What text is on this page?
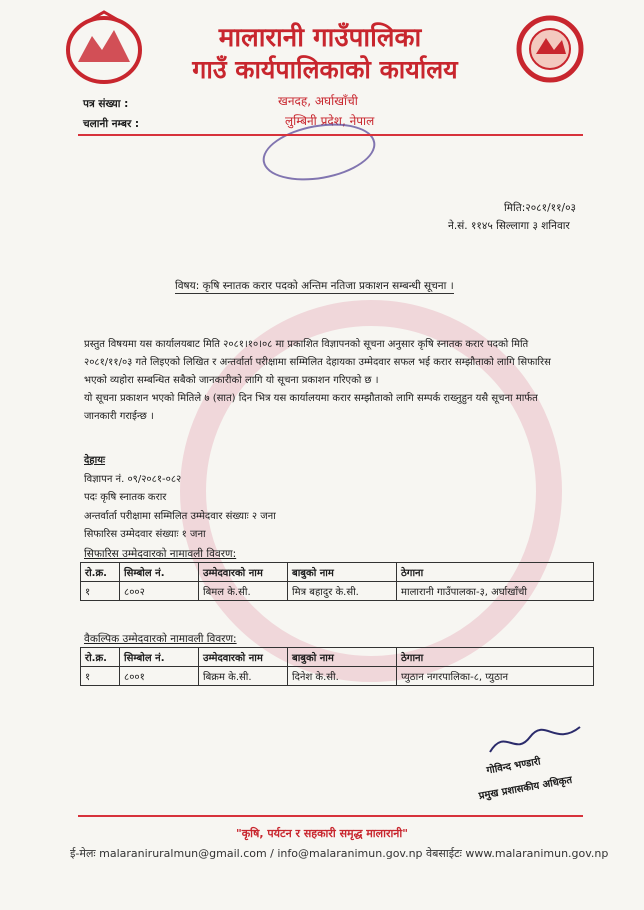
मालारानी गाउँपालिका
गाउँ कार्यपालिकाको कार्यालय
पत्र संख्या :
चलानी नम्बर :
खनदह, अर्घाखाँची
लुम्बिनी प्रदेश, नेपाल
मिति:२०८१/११/०३
ने.सं. ११४५ सिल्लागा ३ शनिवार
विषय: कृषि स्नातक करार पदको अन्तिम नतिजा प्रकाशन सम्बन्धी सूचना ।
प्रस्तुत विषयमा यस कार्यालयबाट मिति २०८१।१०।०८ मा प्रकाशित विज्ञापनको सूचना अनुसार कृषि स्नातक करार पदको मिति
२०८१/११/०३ गते लिइएको लिखित र अन्तर्वार्ता परीक्षामा सम्मिलित देहायका उम्मेदवार सफल भई करार सम्झौताको लागि सिफारिस
भएको व्यहोरा सम्बन्धित सबैको जानकारीको लागि यो सूचना प्रकाशन गरिएको छ ।
यो सूचना प्रकाशन भएको मितिले ७ (सात) दिन भित्र यस कार्यालयमा करार सम्झौताको लागि सम्पर्क राख्नुहुन यसै सूचना मार्फत
जानकारी गराईन्छ ।
देहायः
विज्ञापन नं. ०९/२०८१-०८२
पदः कृषि स्नातक करार
अन्तर्वार्ता परीक्षामा सम्मिलित उम्मेदवार संख्याः २ जना
सिफारिस उम्मेदवार संख्याः १ जना
सिफारिस उम्मेदवारको नामावली विवरण:
रो.क्र.	सिम्बोल नं.	उम्मेदवारको नाम	बाबुको नाम	ठेगाना
१	८००२	बिमल के.सी.	मित्र बहादुर के.सी.	मालारानी गाउँपालका-३, अर्घाखाँची
वैकल्पिक उम्मेदवारको नामावली विवरण:
रो.क्र.	सिम्बोल नं.	उम्मेदवारको नाम	बाबुको नाम	ठेगाना
१	८००१	बिक्रम के.सी.	दिनेश के.सी.	प्युठान नगरपालिका-८, प्युठान
गोविन्द भण्डारी
प्रमुख प्रशासकीय अधिकृत
"कृषि, पर्यटन र सहकारी समृद्ध मालारानी"
ई-मेलः malaraniruralmun@gmail.com / info@malaranimun.gov.np वेबसाईटः www.malaranimun.gov.np
